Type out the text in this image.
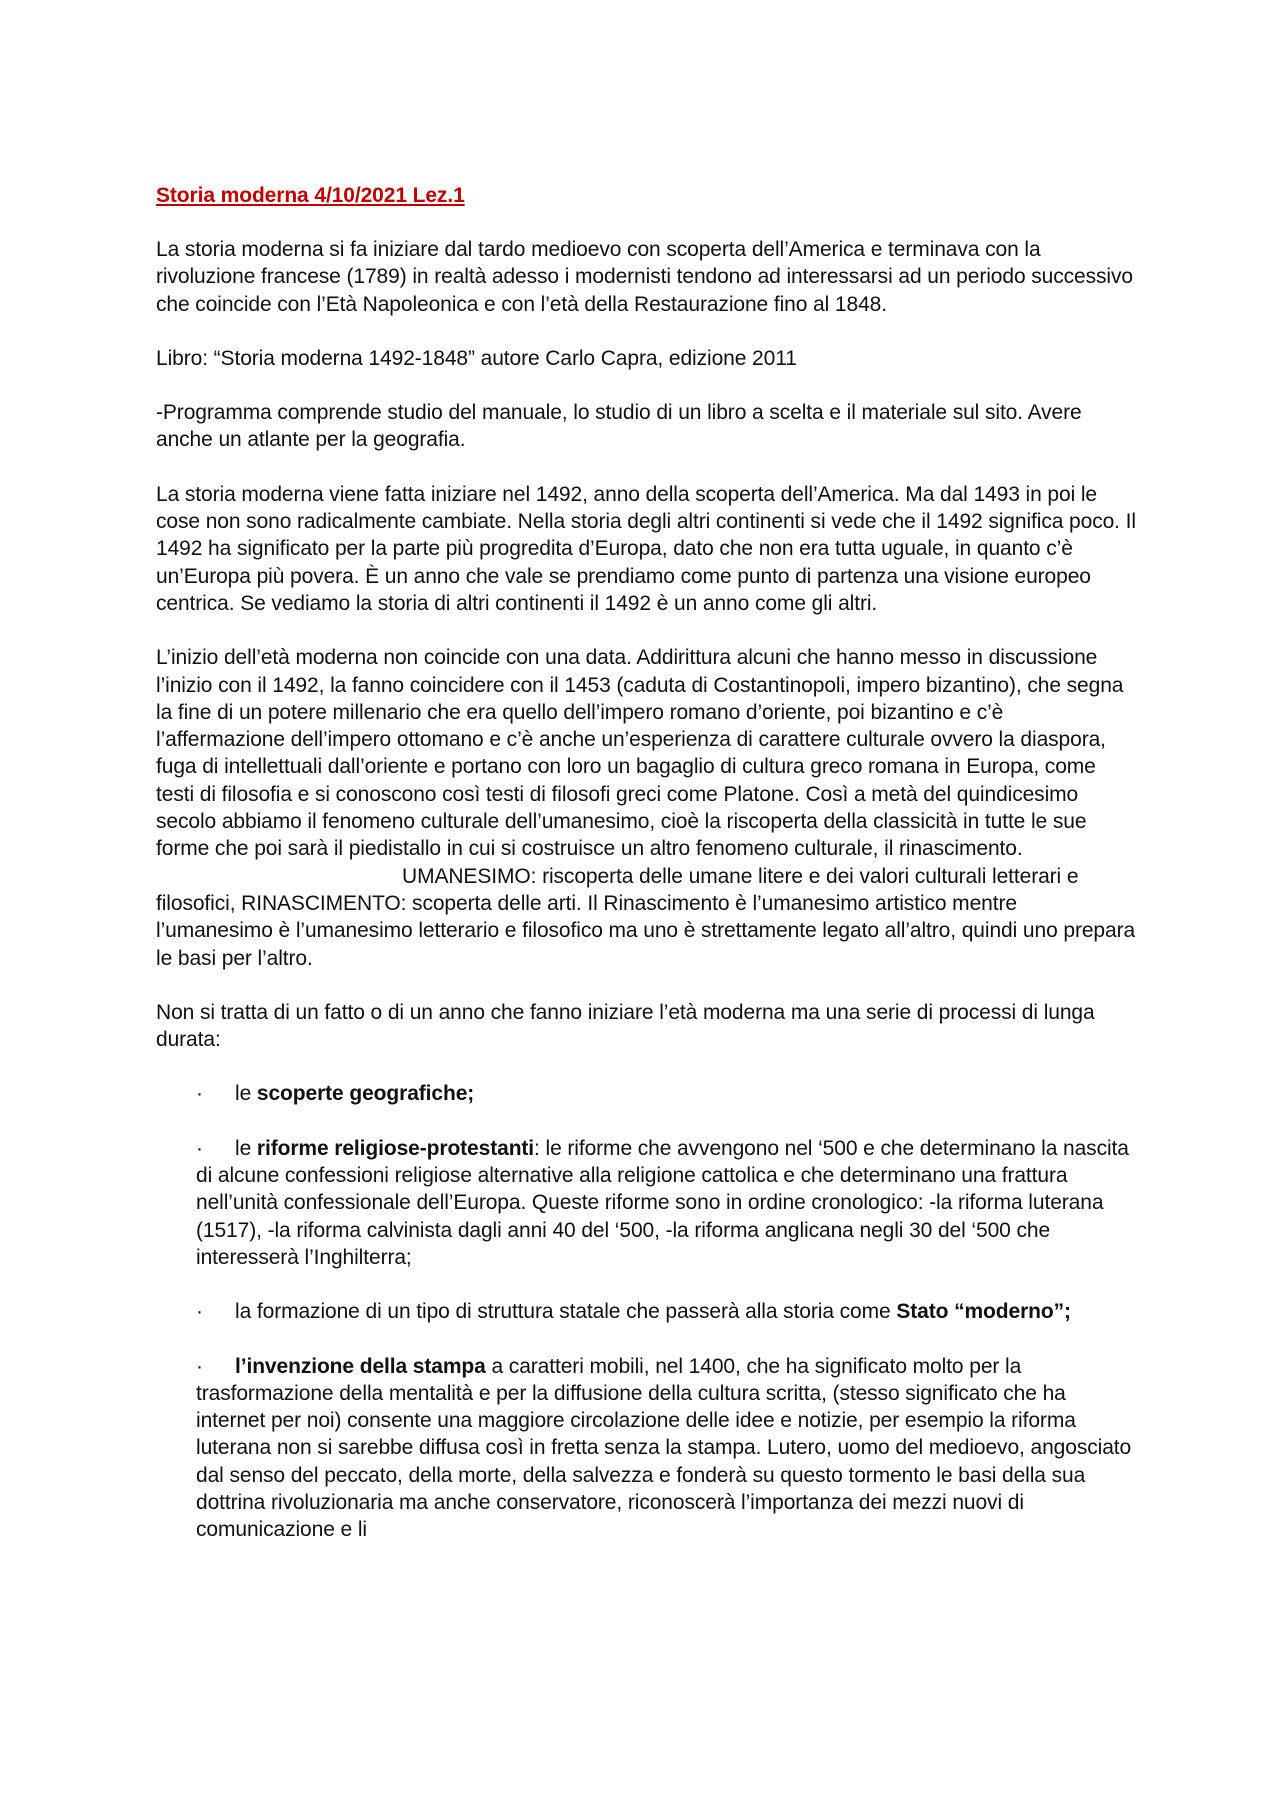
Storia moderna 4/10/2021 Lez.1

La storia moderna si fa iniziare dal tardo medioevo con scoperta dell’America e terminava con la rivoluzione francese (1789) in realtà adesso i modernisti tendono ad interessarsi ad un periodo successivo che coincide con l’Età Napoleonica e con l’età della Restaurazione fino al 1848.

Libro: “Storia moderna 1492-1848” autore Carlo Capra, edizione 2011

-Programma comprende studio del manuale, lo studio di un libro a scelta e il materiale sul sito. Avere anche un atlante per la geografia.

La storia moderna viene fatta iniziare nel 1492, anno della scoperta dell’America. Ma dal 1493 in poi le cose non sono radicalmente cambiate. Nella storia degli altri continenti si vede che il 1492 significa poco. Il 1492 ha significato per la parte più progredita d’Europa, dato che non era tutta uguale, in quanto c’è un’Europa più povera. È un anno che vale se prendiamo come punto di partenza una visione europeo centrica. Se vediamo la storia di altri continenti il 1492 è un anno come gli altri.

L’inizio dell’età moderna non coincide con una data. Addirittura alcuni che hanno messo in discussione l’inizio con il 1492, la fanno coincidere con il 1453 (caduta di Costantinopoli, impero bizantino), che segna la fine di un potere millenario che era quello dell’impero romano d’oriente, poi bizantino e c’è l’affermazione dell’impero ottomano e c’è anche un’esperienza di carattere culturale ovvero la diaspora, fuga di intellettuali dall’oriente e portano con loro un bagaglio di cultura greco romana in Europa, come testi di filosofia e si conoscono così testi di filosofi greci come Platone. Così a metà del quindicesimo secolo abbiamo il fenomeno culturale dell’umanesimo, cioè la riscoperta della classicità in tutte le sue forme che poi sarà il piedistallo in cui si costruisce un altro fenomeno culturale, il rinascimento.UMANESIMO: riscoperta delle umane litere e dei valori culturali letterari e filosofici, RINASCIMENTO: scoperta delle arti. Il Rinascimento è l’umanesimo artistico mentre l’umanesimo è l’umanesimo letterario e filosofico ma uno è strettamente legato all’altro, quindi uno prepara le basi per l’altro.

Non si tratta di un fatto o di un anno che fanno iniziare l’età moderna ma una serie di processi di lunga durata:

· le scoperte geografiche;
· le riforme religiose-protestanti: le riforme che avvengono nel ‘500 e che determinano la nascita di alcune confessioni religiose alternative alla religione cattolica e che determinano una frattura nell’unità confessionale dell’Europa. Queste riforme sono in ordine cronologico: -la riforma luterana (1517), -la riforma calvinista dagli anni 40 del ‘500, -la riforma anglicana negli 30 del ‘500 che interesserà l’Inghilterra;
· la formazione di un tipo di struttura statale che passerà alla storia come Stato “moderno”;
· l’invenzione della stampa a caratteri mobili, nel 1400, che ha significato molto per la trasformazione della mentalità e per la diffusione della cultura scritta, (stesso significato che ha internet per noi) consente una maggiore circolazione delle idee e notizie, per esempio la riforma luterana non si sarebbe diffusa così in fretta senza la stampa. Lutero, uomo del medioevo, angosciato dal senso del peccato, della morte, della salvezza e fonderà su questo tormento le basi della sua dottrina rivoluzionaria ma anche conservatore, riconoscerà l’importanza dei mezzi nuovi di comunicazione e li
